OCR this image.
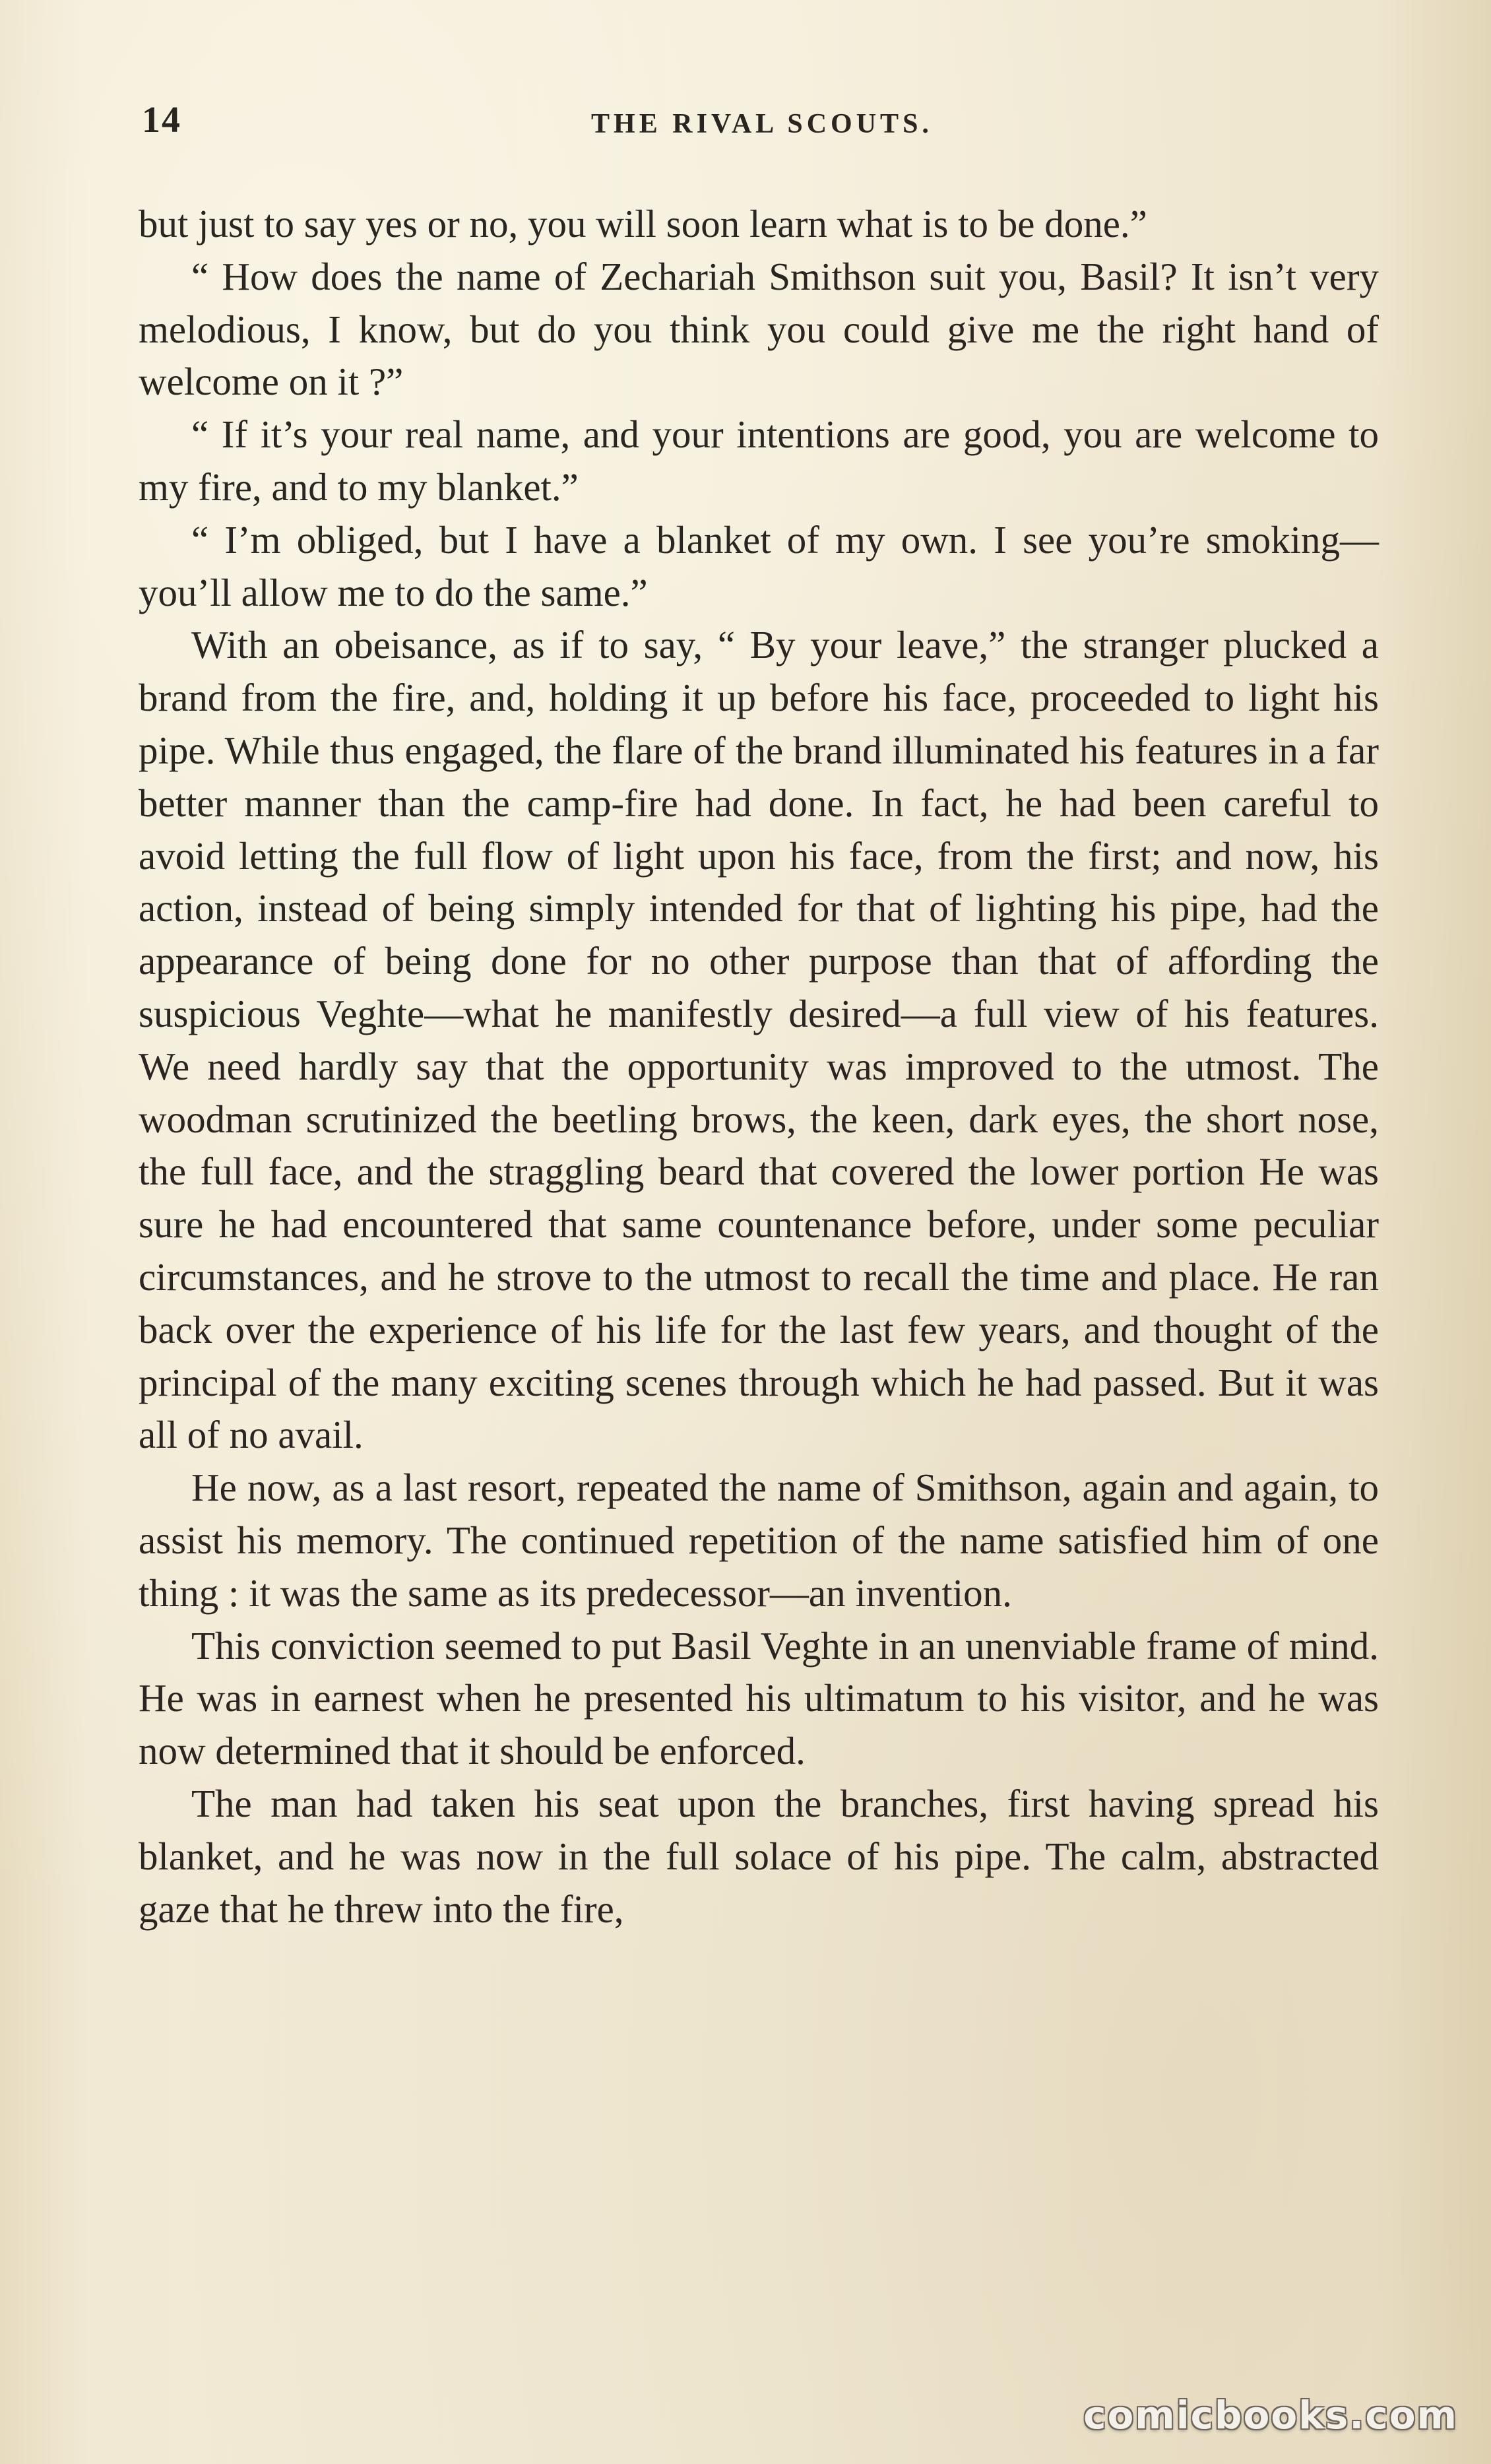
14	THE RIVAL SCOUTS.

but just to say yes or no, you will soon learn what is to be done.”

“ How does the name of Zechariah Smithson suit you, Basil? It isn’t very melodious, I know, but do you think you could give me the right hand of welcome on it ?”

“ If it’s your real name, and your intentions are good, you are welcome to my fire, and to my blanket.”

“ I’m obliged, but I have a blanket of my own. I see you’re smoking—you’ll allow me to do the same.”

With an obeisance, as if to say, “ By your leave,” the stranger plucked a brand from the fire, and, holding it up before his face, proceeded to light his pipe. While thus engaged, the flare of the brand illuminated his features in a far better manner than the camp-fire had done. In fact, he had been careful to avoid letting the full flow of light upon his face, from the first; and now, his action, instead of being simply intended for that of lighting his pipe, had the appearance of being done for no other purpose than that of affording the suspicious Veghte—what he manifestly desired—a full view of his features. We need hardly say that the opportunity was improved to the utmost. The woodman scrutinized the beetling brows, the keen, dark eyes, the short nose, the full face, and the straggling beard that covered the lower portion He was sure he had encountered that same countenance before, under some peculiar circumstances, and he strove to the utmost to recall the time and place. He ran back over the experience of his life for the last few years, and thought of the principal of the many exciting scenes through which he had passed. But it was all of no avail.

He now, as a last resort, repeated the name of Smithson, again and again, to assist his memory. The continued repetition of the name satisfied him of one thing : it was the same as its predecessor—an invention.

This conviction seemed to put Basil Veghte in an unenviable frame of mind. He was in earnest when he presented his ultimatum to his visitor, and he was now determined that it should be enforced.

The man had taken his seat upon the branches, first having spread his blanket, and he was now in the full solace of his pipe. The calm, abstracted gaze that he threw into the fire,

comicbooks.com
